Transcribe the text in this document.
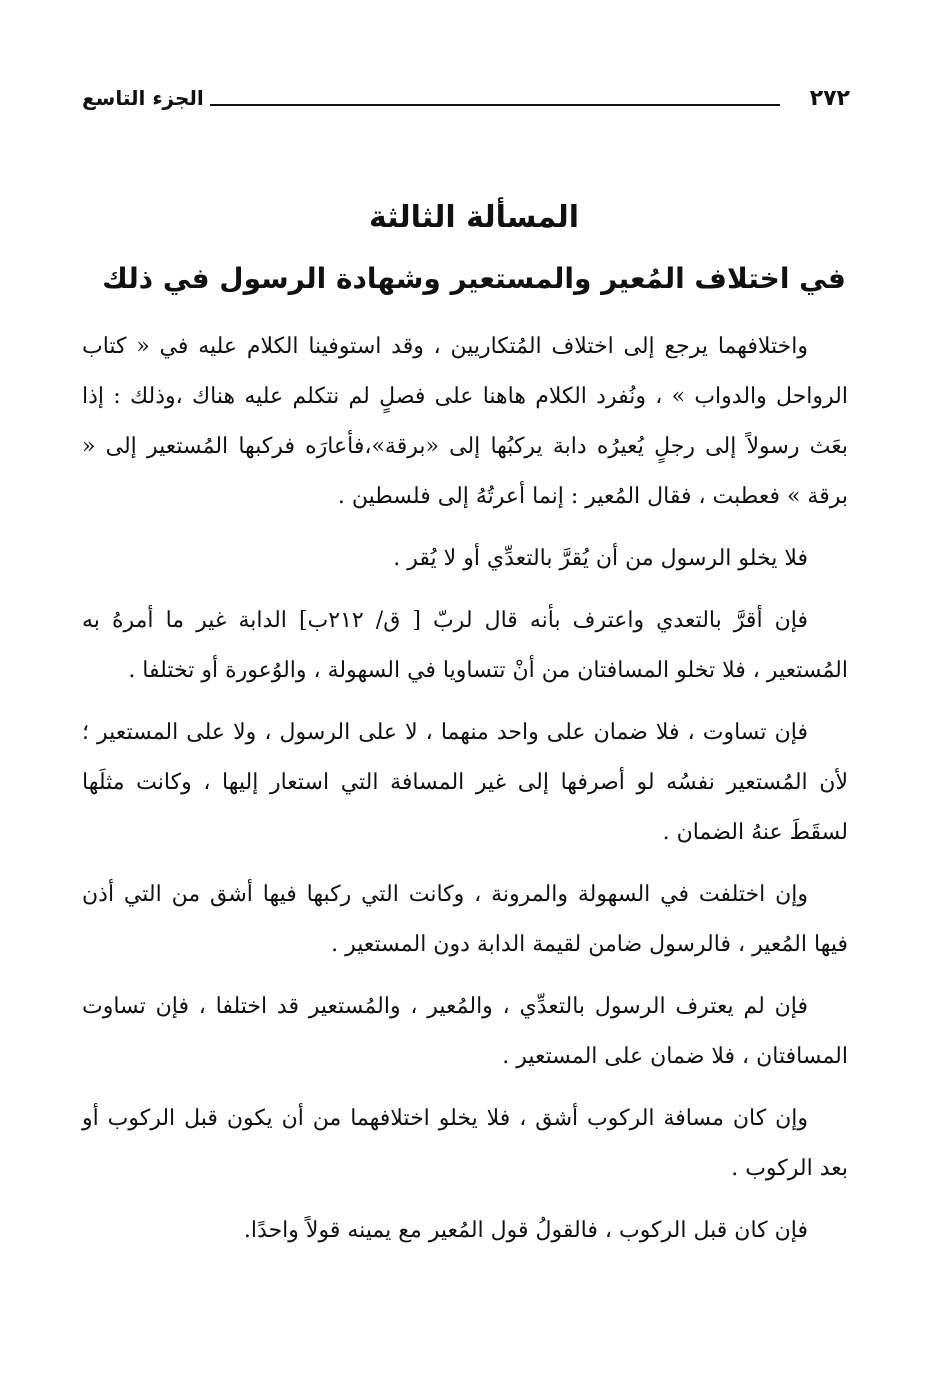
٢٧٢
الجزء التاسع
المسألة الثالثة
في اختلاف المُعير والمستعير وشهادة الرسول في ذلك

واختلافهما يرجع إلى اختلاف المُتكاريين ، وقد استوفينا الكلام عليه في « كتاب الرواحل والدواب » ، ونُفرد الكلام هاهنا على فصلٍ لم نتكلم عليه هناك ،وذلك : إذا بعَث رسولاً إلى رجلٍ يُعيرُه دابة يركبُها إلى «برقة»،فأعارَه فركبها المُستعير إلى « برقة » فعطبت ، فقال المُعير : إنما أعرتُهُ إلى فلسطين .

فلا يخلو الرسول من أن يُقرَّ بالتعدِّي أو لا يُقر .

فإن أقرَّ بالتعدي واعترف بأنه قال لربّ [ ق/ ٢١٢ب] الدابة غير ما أمرهُ به المُستعير ، فلا تخلو المسافتان من أنْ تتساويا في السهولة ، والوُعورة أو تختلفا .

فإن تساوت ، فلا ضمان على واحد منهما ، لا على الرسول ، ولا على المستعير ؛ لأن المُستعير نفسُه لو أصرفها إلى غير المسافة التي استعار إليها ، وكانت مثلَها لسقَطَ عنهُ الضمان .

وإن اختلفت في السهولة والمرونة ، وكانت التي ركبها فيها أشق من التي أذن فيها المُعير ، فالرسول ضامن لقيمة الدابة دون المستعير .

فإن لم يعترف الرسول بالتعدِّي ، والمُعير ، والمُستعير قد اختلفا ، فإن تساوت المسافتان ، فلا ضمان على المستعير .

وإن كان مسافة الركوب أشق ، فلا يخلو اختلافهما من أن يكون قبل الركوب أو بعد الركوب .

فإن كان قبل الركوب ، فالقولُ قول المُعير مع يمينه قولاً واحدًا.
